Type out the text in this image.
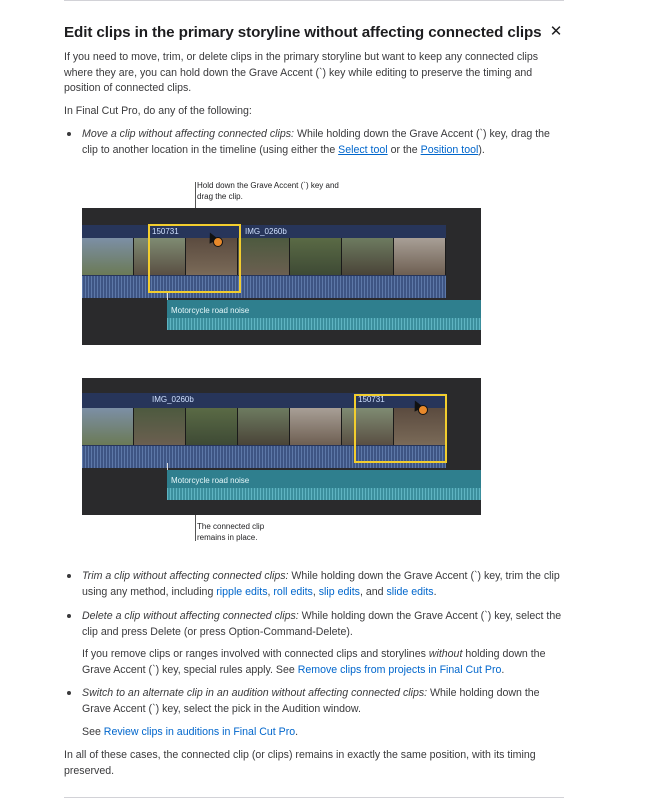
Edit clips in the primary storyline without affecting connected clips ✕

If you need to move, trim, or delete clips in the primary storyline but want to keep any connected clips where they are, you can hold down the Grave Accent (`) key while editing to preserve the timing and position of connected clips.

In Final Cut Pro, do any of the following:

Move a clip without affecting connected clips: While holding down the Grave Accent (`) key, drag the clip to another location in the timeline (using either the Select tool or the Position tool).

Hold down the Grave Accent (`) key and drag the clip.
150731	IMG_0260b
Motorcycle road noise
IMG_0260b	150731
Motorcycle road noise
The connected clip remains in place.

Trim a clip without affecting connected clips: While holding down the Grave Accent (`) key, trim the clip using any method, including ripple edits, roll edits, slip edits, and slide edits.

Delete a clip without affecting connected clips: While holding down the Grave Accent (`) key, select the clip and press Delete (or press Option-Command-Delete).

If you remove clips or ranges involved with connected clips and storylines without holding down the Grave Accent (`) key, special rules apply. See Remove clips from projects in Final Cut Pro.

Switch to an alternate clip in an audition without affecting connected clips: While holding down the Grave Accent (`) key, select the pick in the Audition window.

See Review clips in auditions in Final Cut Pro.

In all of these cases, the connected clip (or clips) remains in exactly the same position, with its timing preserved.
